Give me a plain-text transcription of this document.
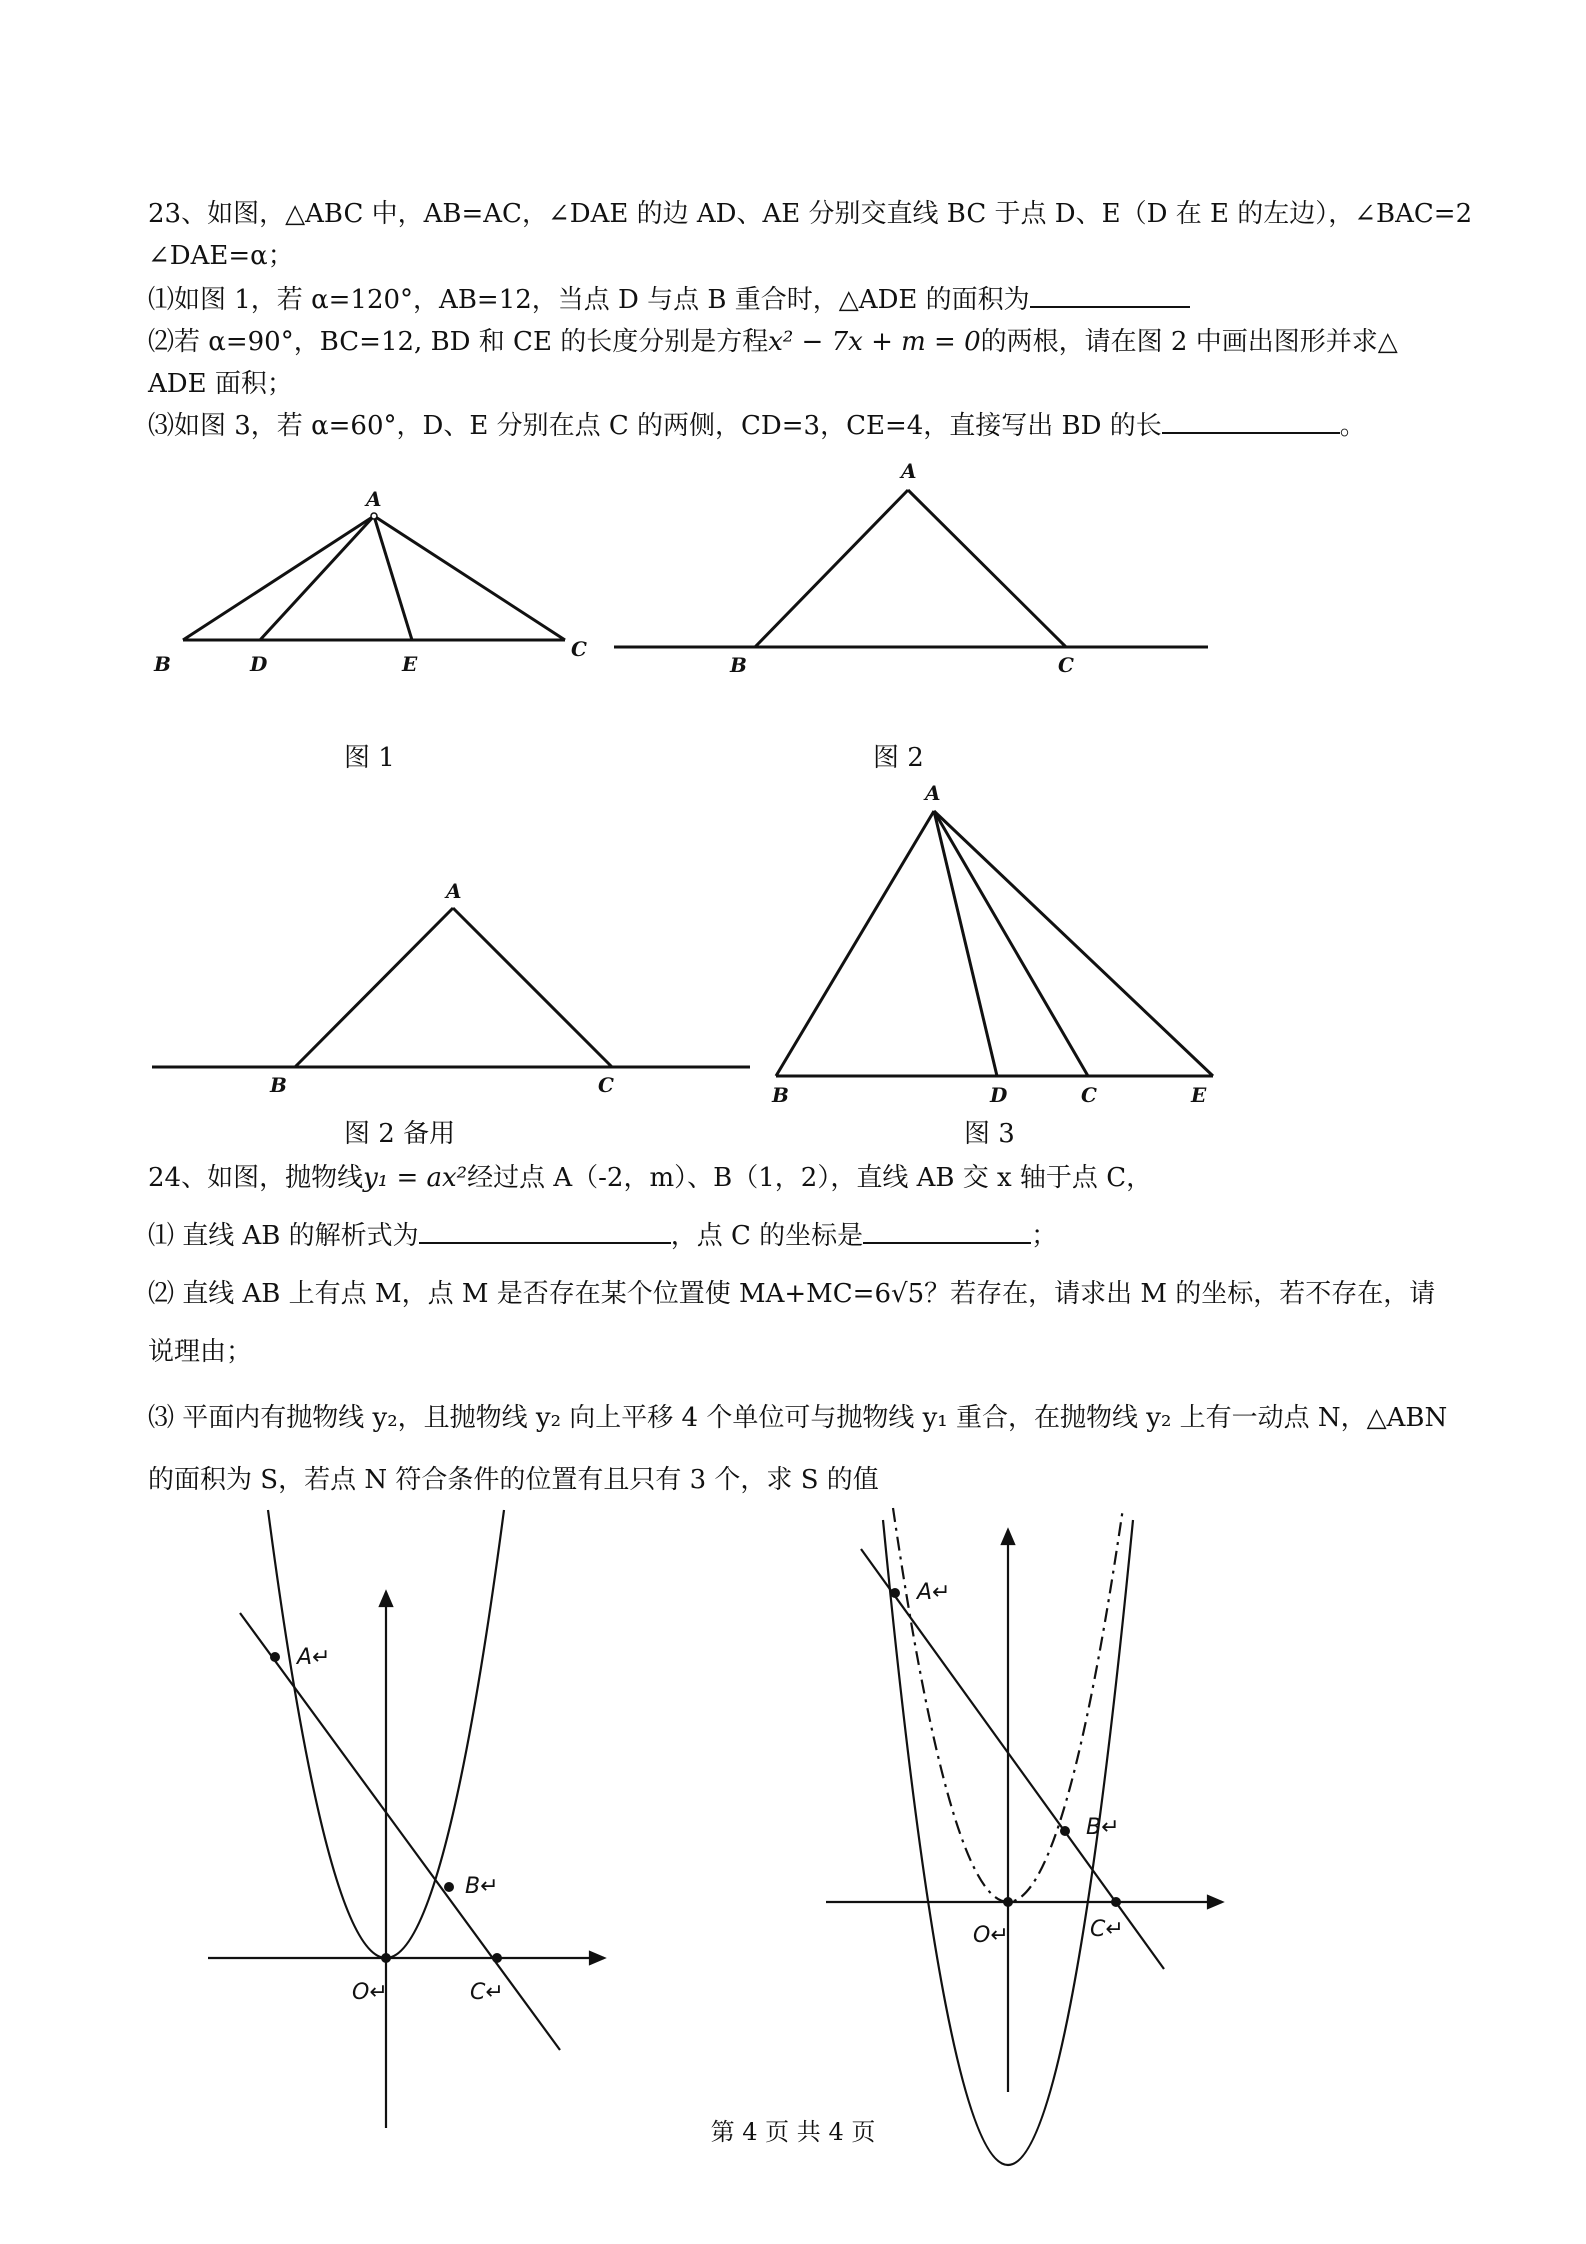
23、如图，△ABC 中，AB=AC，∠DAE 的边 AD、AE 分别交直线 BC 于点 D、E（D 在 E 的左边），∠BAC=2
∠DAE=α；
⑴如图 1，若 α=120°，AB=12，当点 D 与点 B 重合时，△ADE 的面积为
⑵若 α=90°，BC=12, BD 和 CE 的长度分别是方程x² − 7x + m = 0的两根，请在图 2 中画出图形并求△
ADE 面积；
⑶如图 3，若 α=60°，D、E 分别在点 C 的两侧，CD=3，CE=4，直接写出 BD 的长	。
A
B	D	E
C
A
B	C
A
B	C
A
B	D	C	E
A↵
B↵
O↵	C↵
A↵
B↵
O↵	C↵
图 1	图 2
图 2 备用	图 3
24、如图，抛物线y₁ = ax²经过点 A（-2，m）、B（1，2），直线 AB 交 x 轴于点 C，
⑴ 直线 AB 的解析式为	，点 C 的坐标是	；
⑵ 直线 AB 上有点 M，点 M 是否存在某个位置使 MA+MC=6√5？若存在，请求出 M 的坐标，若不存在，请
说理由；
⑶ 平面内有抛物线 y₂，且抛物线 y₂ 向上平移 4 个单位可与抛物线 y₁ 重合，在抛物线 y₂ 上有一动点 N，△ABN
的面积为 S，若点 N 符合条件的位置有且只有 3 个，求 S 的值
第 4 页 共 4 页
